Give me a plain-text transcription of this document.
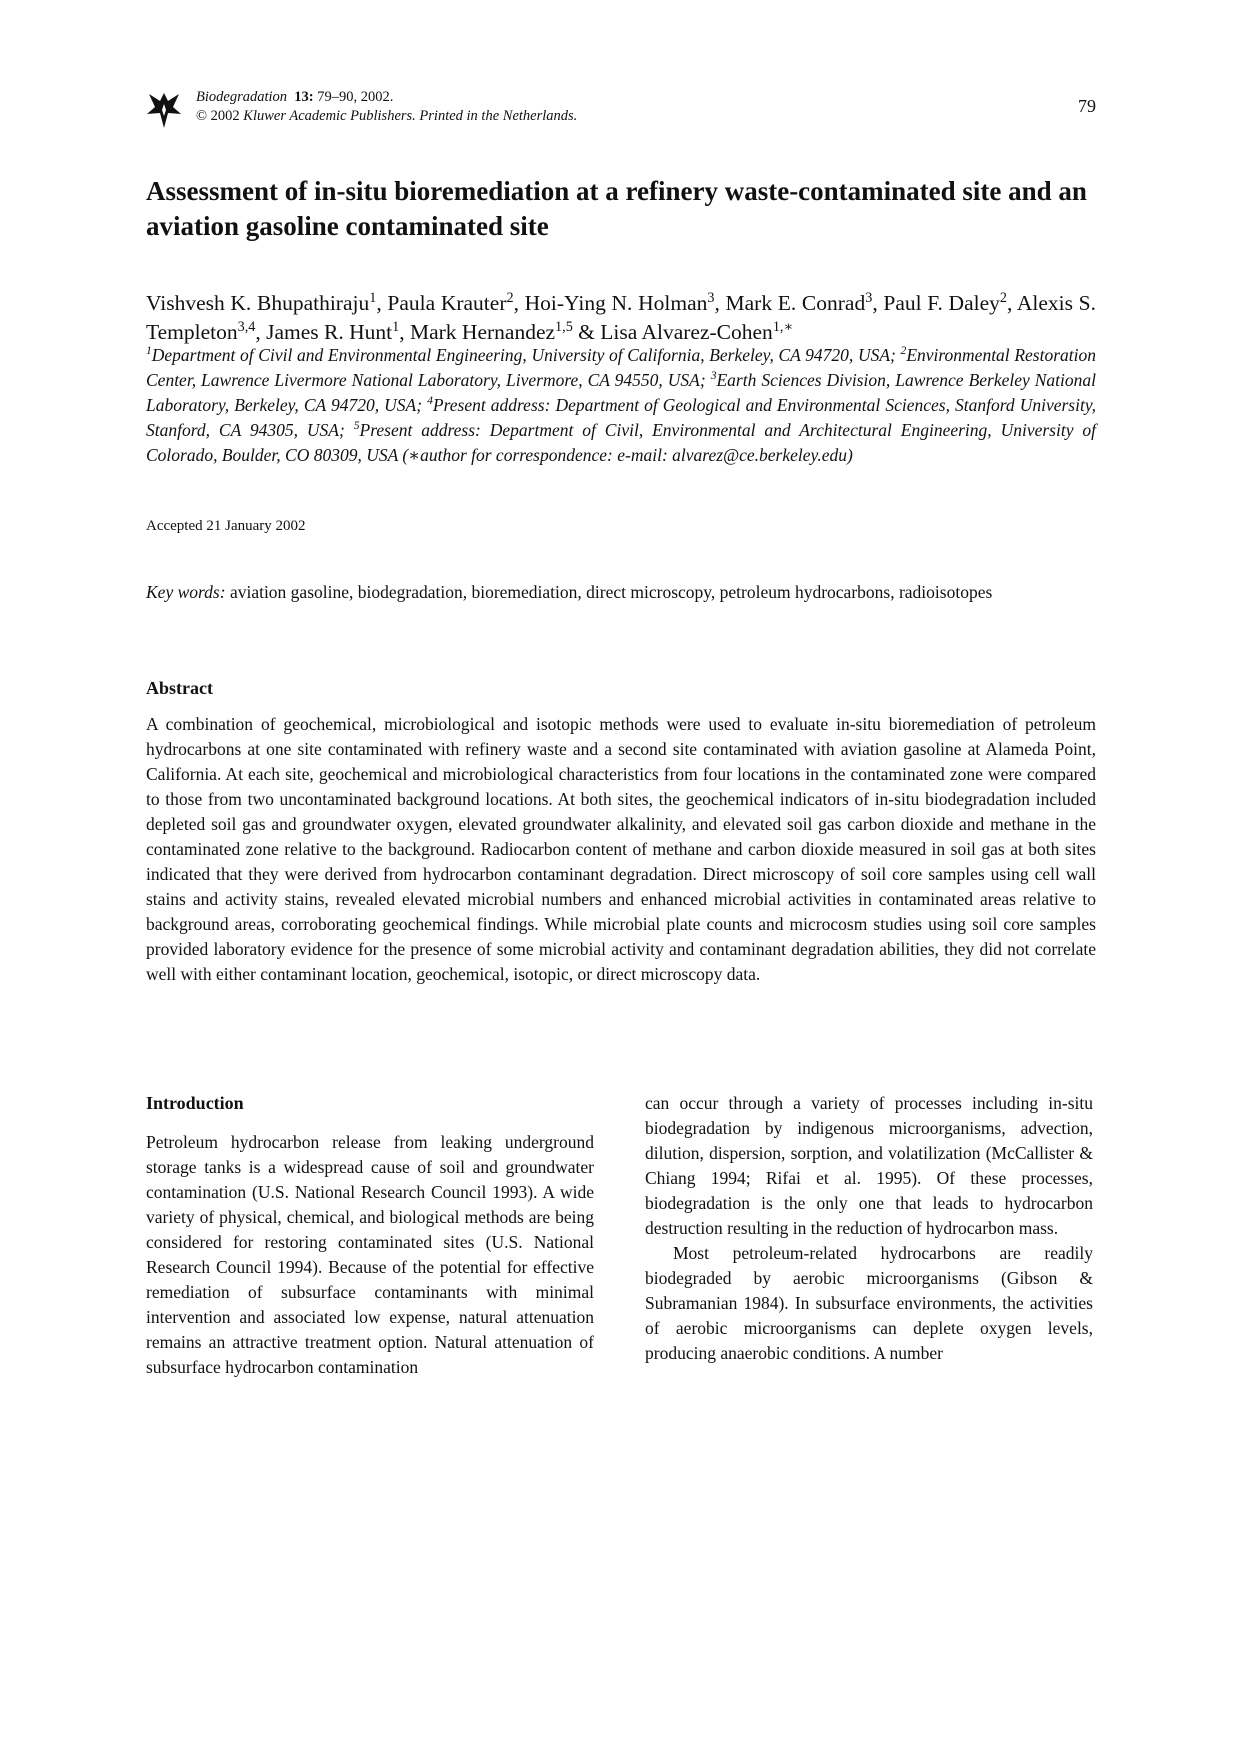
Biodegradation 13: 79–90, 2002.
© 2002 Kluwer Academic Publishers. Printed in the Netherlands.	79
Assessment of in-situ bioremediation at a refinery waste-contaminated site and an aviation gasoline contaminated site
Vishvesh K. Bhupathiraju$^1$, Paula Krauter$^2$, Hoi-Ying N. Holman$^3$, Mark E. Conrad$^3$, Paul F. Daley$^2$, Alexis S. Templeton$^{3,4}$, James R. Hunt$^1$, Mark Hernandez$^{1,5}$ & Lisa Alvarez-Cohen$^{1,∗}$
$^1$Department of Civil and Environmental Engineering, University of California, Berkeley, CA 94720, USA; $^2$Environmental Restoration Center, Lawrence Livermore National Laboratory, Livermore, CA 94550, USA; $^3$Earth Sciences Division, Lawrence Berkeley National Laboratory, Berkeley, CA 94720, USA; $^4$Present address: Department of Geological and Environmental Sciences, Stanford University, Stanford, CA 94305, USA; $^5$Present address: Department of Civil, Environmental and Architectural Engineering, University of Colorado, Boulder, CO 80309, USA (∗author for correspondence: e-mail: alvarez@ce.berkeley.edu)
Accepted 21 January 2002
Key words: aviation gasoline, biodegradation, bioremediation, direct microscopy, petroleum hydrocarbons, radioisotopes
Abstract

A combination of geochemical, microbiological and isotopic methods were used to evaluate in-situ bioremediation of petroleum hydrocarbons at one site contaminated with refinery waste and a second site contaminated with aviation gasoline at Alameda Point, California. At each site, geochemical and microbiological characteristics from four locations in the contaminated zone were compared to those from two uncontaminated background locations. At both sites, the geochemical indicators of in-situ biodegradation included depleted soil gas and groundwater oxygen, elevated groundwater alkalinity, and elevated soil gas carbon dioxide and methane in the contaminated zone relative to the background. Radiocarbon content of methane and carbon dioxide measured in soil gas at both sites indicated that they were derived from hydrocarbon contaminant degradation. Direct microscopy of soil core samples using cell wall stains and activity stains, revealed elevated microbial numbers and enhanced microbial activities in contaminated areas relative to background areas, corroborating geochemical findings. While microbial plate counts and microcosm studies using soil core samples provided laboratory evidence for the presence of some microbial activity and contaminant degradation abilities, they did not correlate well with either contaminant location, geochemical, isotopic, or direct microscopy data.

Introduction

Petroleum hydrocarbon release from leaking underground storage tanks is a widespread cause of soil and groundwater contamination (U.S. National Research Council 1993). A wide variety of physical, chemical, and biological methods are being considered for restoring contaminated sites (U.S. National Research Council 1994). Because of the potential for effective remediation of subsurface contaminants with minimal intervention and associated low expense, natural attenuation remains an attractive treatment option. Natural attenuation of subsurface hydrocarbon contamination

can occur through a variety of processes including in-situ biodegradation by indigenous microorganisms, advection, dilution, dispersion, sorption, and volatilization (McCallister & Chiang 1994; Rifai et al. 1995). Of these processes, biodegradation is the only one that leads to hydrocarbon destruction resulting in the reduction of hydrocarbon mass.

Most petroleum-related hydrocarbons are readily biodegraded by aerobic microorganisms (Gibson & Subramanian 1984). In subsurface environments, the activities of aerobic microorganisms can deplete oxygen levels, producing anaerobic conditions. A number
